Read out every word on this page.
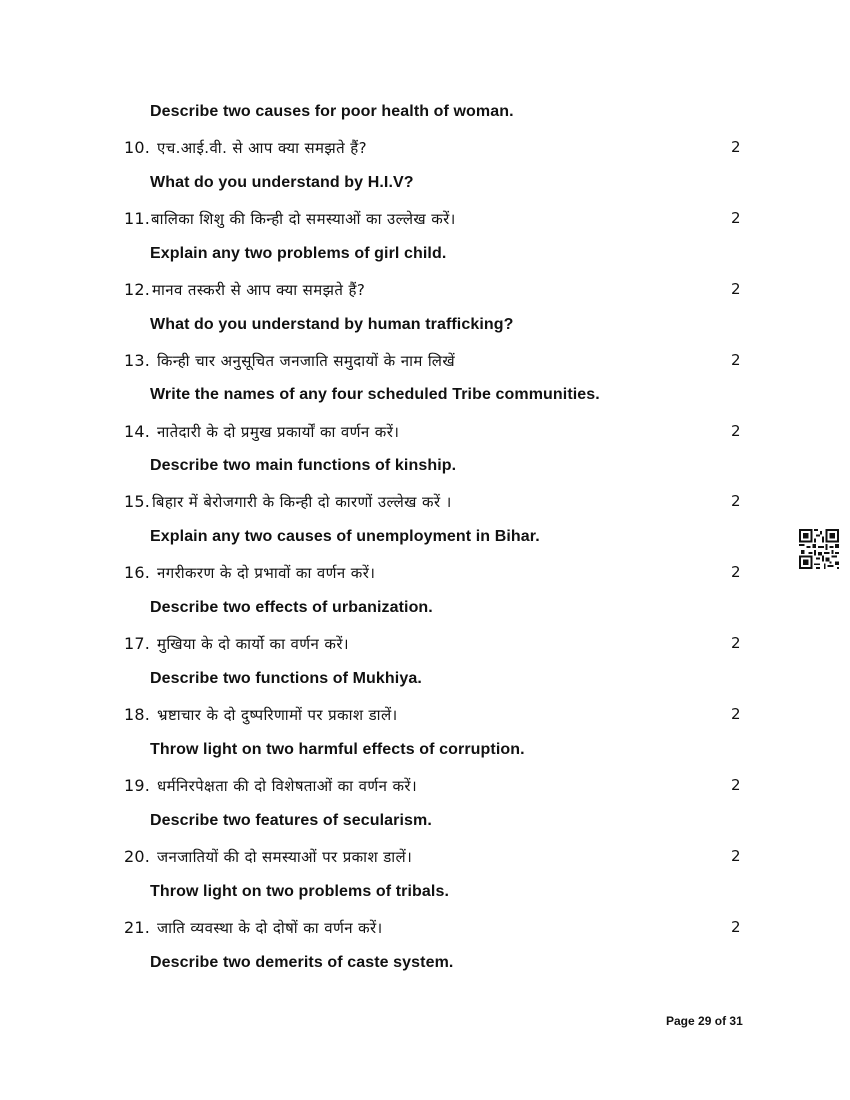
Describe two causes for poor health of woman.
10. एच.आई.वी. से आप क्या समझते हैं?	2
What do you understand by H.I.V?
11. बालिका शिशु की किन्ही दो समस्याओं का उल्लेख करें।	2
Explain any two problems of girl child.
12. मानव तस्करी से आप क्या समझते हैं?	2
What do you understand by human trafficking?
13. किन्ही चार अनुसूचित जनजाति समुदायों के नाम लिखें	2
Write the names of any four scheduled Tribe communities.
14. नातेदारी के दो प्रमुख प्रकार्यों का वर्णन करें।	2
Describe two main functions of kinship.
15. बिहार में बेरोजगारी के किन्ही दो कारणों उल्लेख करें ।	2
Explain any two causes of unemployment in Bihar.
16. नगरीकरण के दो प्रभावों का वर्णन करें।	2
Describe two effects of urbanization.
17. मुखिया के दो कार्यो का वर्णन करें।	2
Describe two functions of Mukhiya.
18. भ्रष्टाचार के दो दुष्परिणामों पर प्रकाश डालें।	2
Throw light on two harmful effects of corruption.
19. धर्मनिरपेक्षता की दो विशेषताओं का वर्णन करें।	2
Describe two features of secularism.
20. जनजातियों की दो समस्याओं पर प्रकाश डालें।	2
Throw light on two problems of tribals.
21. जाति व्यवस्था के दो दोषों का वर्णन करें।	2
Describe two demerits of caste system.
Page 29 of 31
